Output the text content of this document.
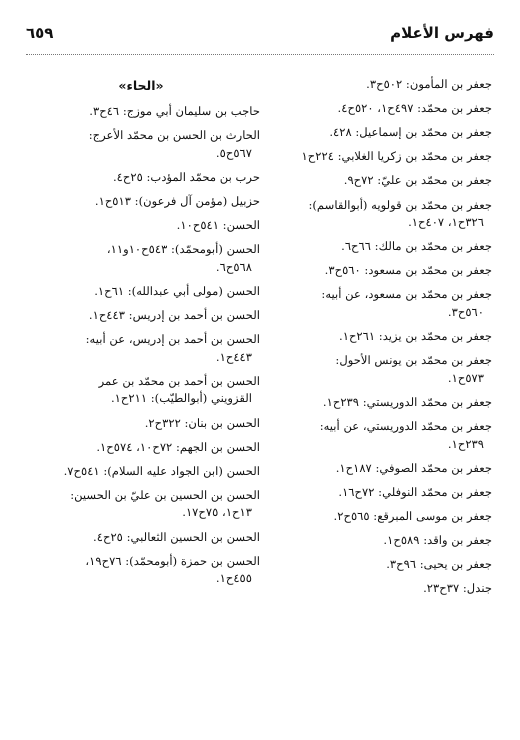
فهرس الأعلام
٦٥٩

جعفر بن المأمون: ٥٠٢ح٣.

جعفر بن محمّد: ٤٩٧ح١، ٥٢٠ح٤.

جعفر بن محمّد بن إسماعيل: ٤٢٨.

جعفر بن محمّد بن زكريا الغلابي: ٢٢٤ح١

جعفر بن محمّد بن عليّ: ٧٢ح٩.

جعفر بن محمّد بن قولويه (أبوالقاسم):

٣٢٦ح١، ٤٠٧ح١.

جعفر بن محمّد بن مالك: ٦٦ح٦.

جعفر بن محمّد بن مسعود: ٥٦٠ح٣.

جعفر بن محمّد بن مسعود، عن أبيه:

٥٦٠ح٣.

جعفر بن محمّد بن يزيد: ٢٦١ح١.

جعفر بن محمّد بن يونس الأحول:

٥٧٣ح١.

جعفر بن محمّد الدوريستي: ٢٣٩ح١.

جعفر بن محمّد الدوريستي، عن أبيه:

٢٣٩ح١.

جعفر بن محمّد الصوفي: ١٨٧ح١.

جعفر بن محمّد النوفلي: ٧٢ح١٦.

جعفر بن موسى المبرقع: ٥٦٥ح٢.

جعفر بن واقد: ٥٨٩ح١.

جعفر بن يحيى: ٩٦ح٣.

جندل: ٣٧ح٢٣.

«الحاء»

حاجب بن سليمان أبي موزج: ٤٦ح٣.

الحارث بن الحسن بن محمّد الأعرج:

٥٦٧ح٥.

حرب بن محمّد المؤدب: ٢٥ح٤.

حزبيل (مؤمن آل فرعون): ٥١٣ح١.

الحسن: ٥٤١ح١٠.

الحسن (أبومحمّد): ٥٤٣ح١٠و١١،

٥٦٨ح٦.

الحسن (مولى أبي عبدالله): ٦١ح١.

الحسن بن أحمد بن إدريس: ٤٤٣ح١.

الحسن بن أحمد بن إدريس، عن أبيه:

٤٤٣ح١.

الحسن بن أحمد بن محمّد بن عمر

القزويني (أبوالطيّب): ٢١١ح١.

الحسن بن بنان: ٣٢٢ح٢.

الحسن بن الجهم: ٧٢ح١٠، ٥٧٤ح١.

الحسن (ابن الجواد عليه السلام): ٥٤١ح٧.

الحسن بن الحسين بن عليّ بن الحسين:

١٣ح١، ٧٥ح١٧.

الحسن بن الحسين الثعالبي: ٢٥ح٤.

الحسن بن حمزة (أبومحمّد): ٧٦ح١٩،

٤٥٥ح١.
